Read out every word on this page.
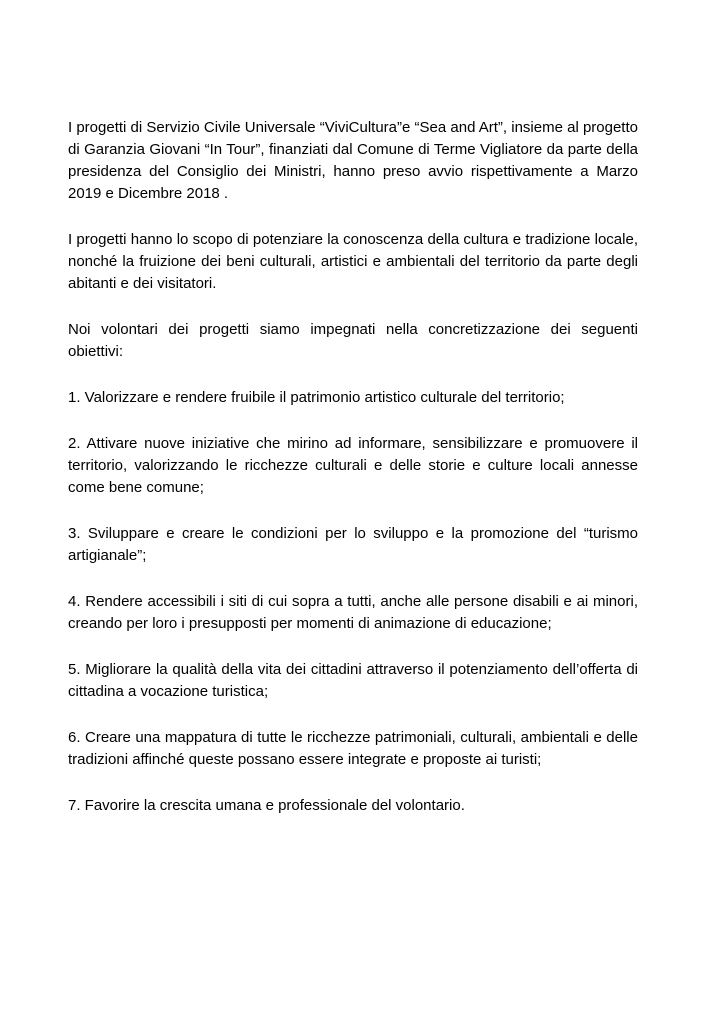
I progetti di Servizio Civile Universale “ViviCultura”e “Sea and Art”, insieme al progetto di Garanzia Giovani “In Tour”, finanziati dal Comune di Terme Vigliatore da parte della presidenza del Consiglio dei Ministri, hanno preso avvio rispettivamente a Marzo 2019 e Dicembre 2018 .

I progetti hanno lo scopo di potenziare la conoscenza della cultura e tradizione locale, nonché la fruizione dei beni culturali, artistici e ambientali del territorio da parte degli abitanti e dei visitatori.

Noi volontari dei progetti siamo impegnati nella concretizzazione dei seguenti obiettivi:

1. Valorizzare e rendere fruibile il patrimonio artistico culturale del territorio;

2. Attivare nuove iniziative che mirino ad informare, sensibilizzare e promuovere il territorio, valorizzando le ricchezze culturali e delle storie e culture locali annesse come bene comune;

3. Sviluppare e creare le condizioni per lo sviluppo e la promozione del “turismo artigianale”;

4. Rendere accessibili i siti di cui sopra a tutti, anche alle persone disabili e ai minori, creando per loro i presupposti per momenti di animazione di educazione;

5. Migliorare la qualità della vita dei cittadini attraverso il potenziamento dell’offerta di cittadina a vocazione turistica;

6. Creare una mappatura di tutte le ricchezze patrimoniali, culturali, ambientali e delle tradizioni affinché queste possano essere integrate e proposte ai turisti;

7. Favorire la crescita umana e professionale del volontario.
